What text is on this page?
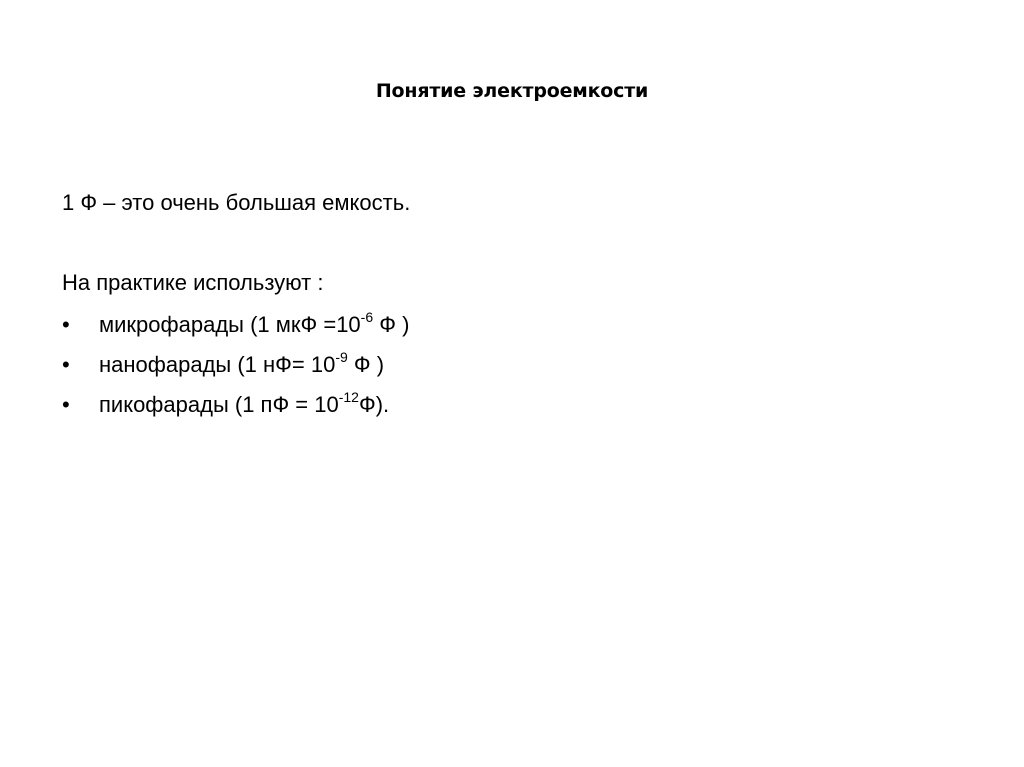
Понятие электроемкости
1 Ф – это очень большая емкость.
На практике используют :
•	микрофарады (1 мкФ $=10^{-6}$ Ф )
•	нанофарады (1 $нФ= 10^{-9}$ Ф )
•	пикофарады (1 пФ = $10^{-12}Ф$).
